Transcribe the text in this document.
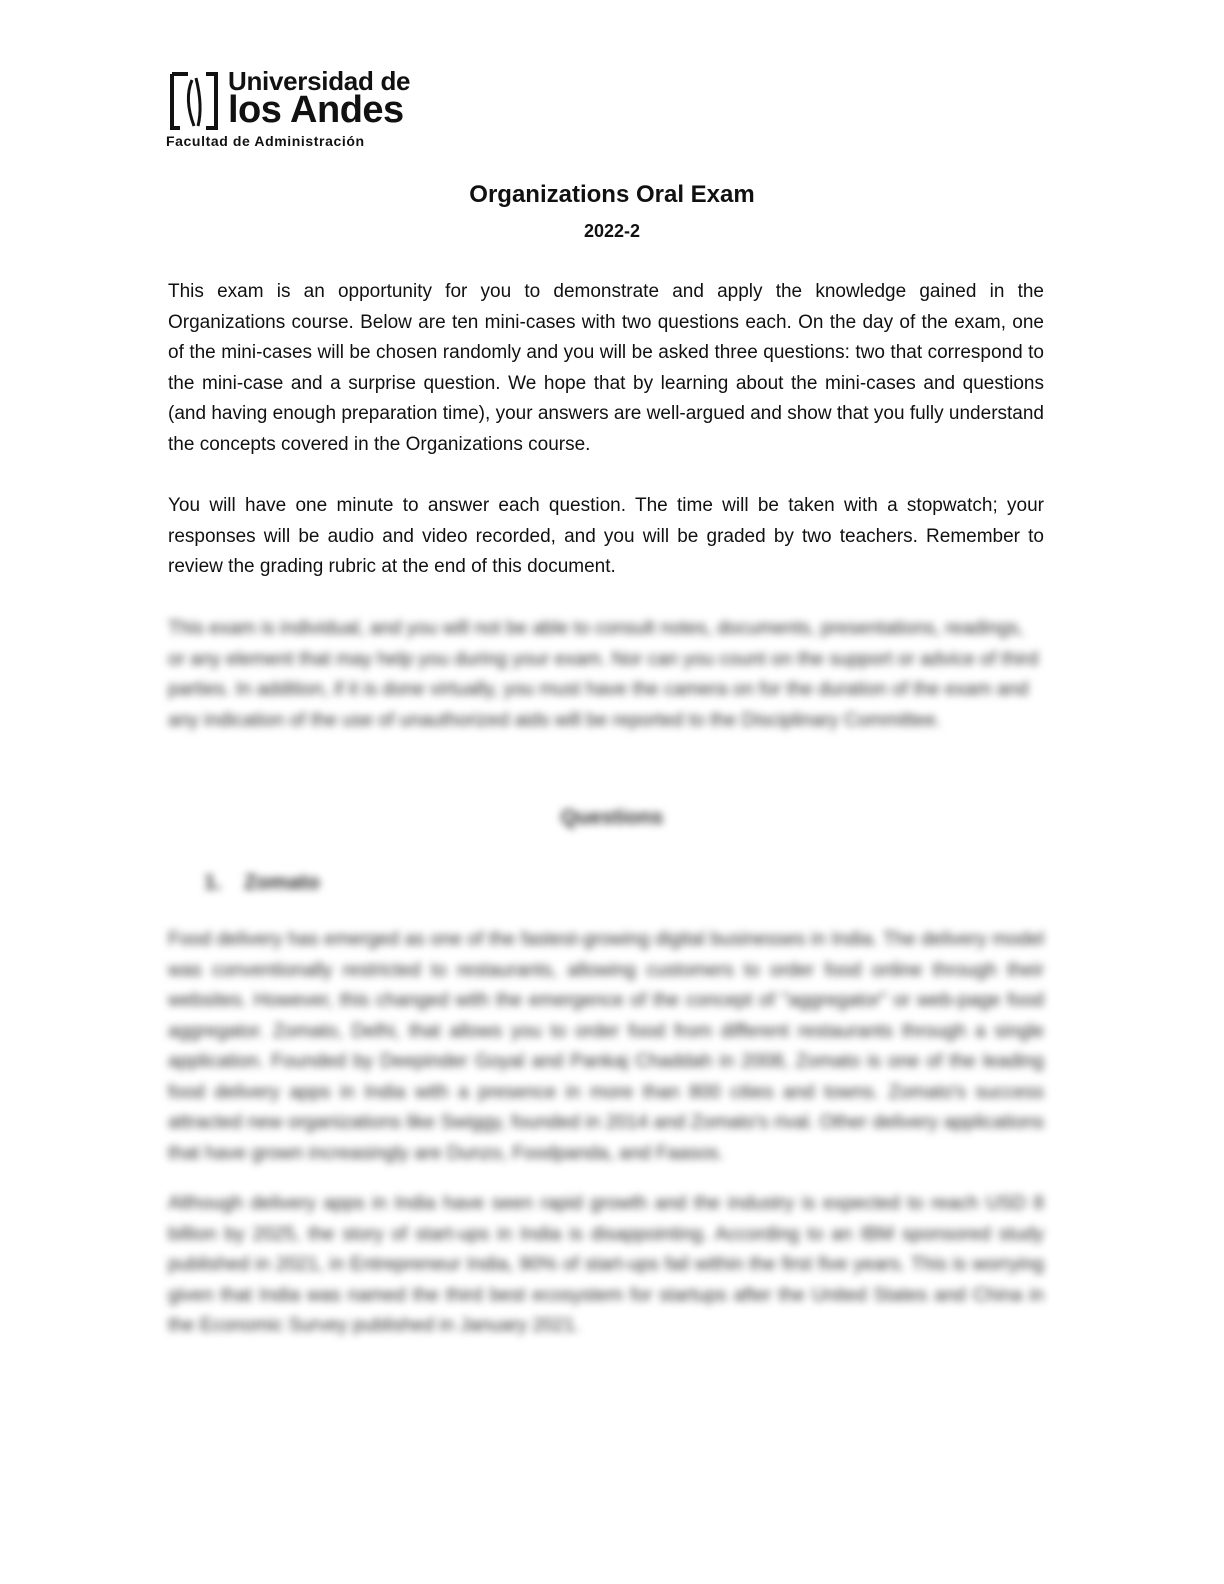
Universidad de
los Andes
Facultad de Administración
Organizations Oral Exam
2022-2

This exam is an opportunity for you to demonstrate and apply the knowledge gained in the Organizations course. Below are ten mini-cases with two questions each. On the day of the exam, one of the mini-cases will be chosen randomly and you will be asked three questions: two that correspond to the mini-case and a surprise question. We hope that by learning about the mini-cases and questions (and having enough preparation time), your answers are well-argued and show that you fully understand the concepts covered in the Organizations course.

You will have one minute to answer each question. The time will be taken with a stopwatch; your responses will be audio and video recorded, and you will be graded by two teachers. Remember to review the grading rubric at the end of this document.

This exam is individual, and you will not be able to consult notes, documents, presentations, readings, or any element that may help you during your exam. Nor can you count on the support or advice of third parties. In addition, if it is done virtually, you must have the camera on for the duration of the exam and any indication of the use of unauthorized aids will be reported to the Disciplinary Committee.

Questions
1. Zomato

Food delivery has emerged as one of the fastest-growing digital businesses in India. The delivery model was conventionally restricted to restaurants, allowing customers to order food online through their websites. However, this changed with the emergence of the concept of "aggregator" or web-page food aggregator. Zomato, Delhi, that allows you to order food from different restaurants through a single application. Founded by Deepinder Goyal and Pankaj Chaddah in 2008, Zomato is one of the leading food delivery apps in India with a presence in more than 800 cities and towns. Zomato's success attracted new organizations like Swiggy, founded in 2014 and Zomato's rival. Other delivery applications that have grown increasingly are Dunzo, Foodpanda, and Faasos.

Although delivery apps in India have seen rapid growth and the industry is expected to reach USD 8 billion by 2025, the story of start-ups in India is disappointing. According to an IBM sponsored study published in 2021, in Entrepreneur India, 90% of start-ups fail within the first five years. This is worrying given that India was named the third best ecosystem for startups after the United States and China in the Economic Survey published in January 2021.
